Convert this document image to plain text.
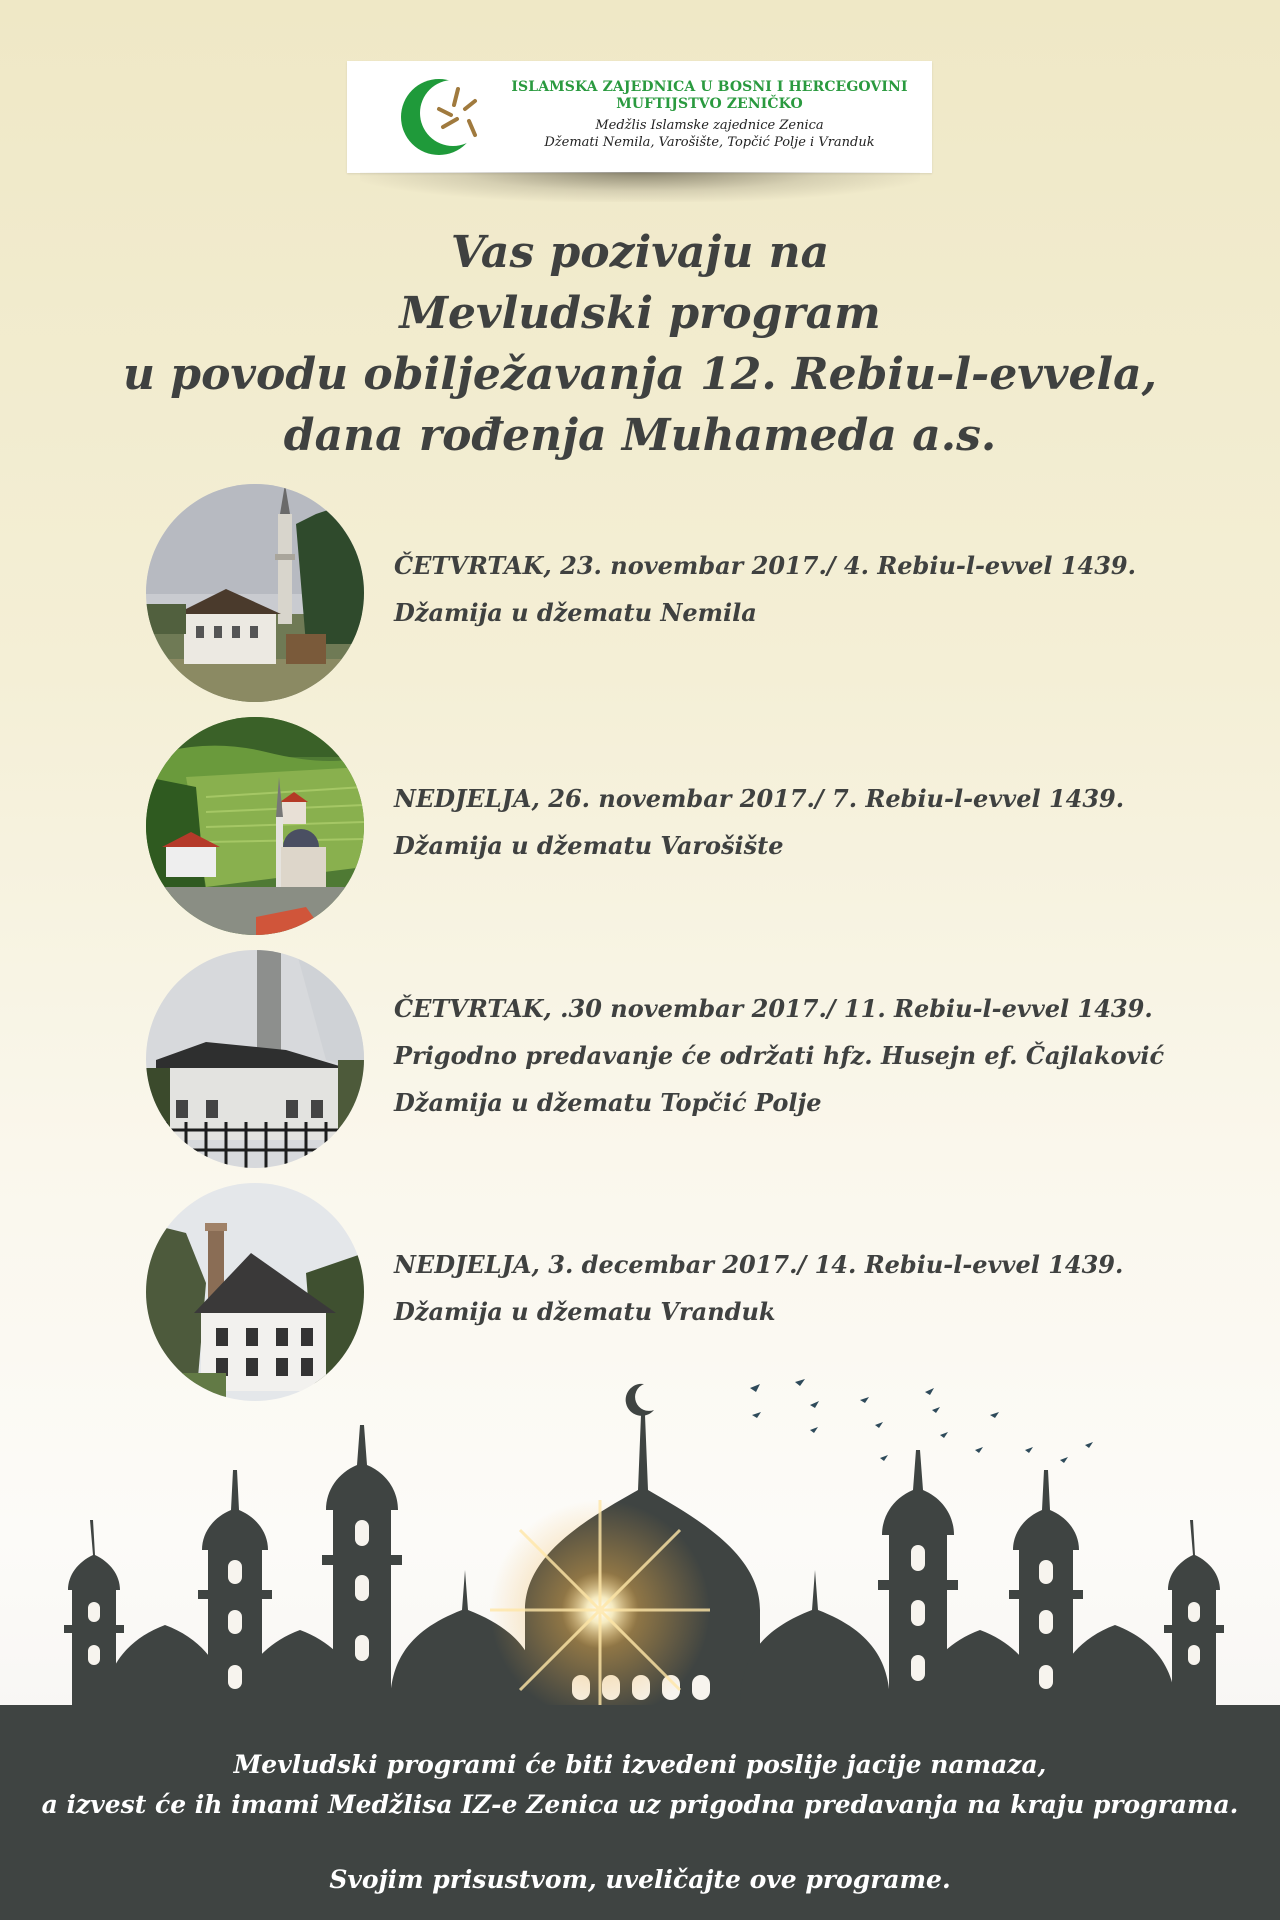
ISLAMSKA ZAJEDNICA U BOSNI I HERCEGOVINI
MUFTIJSTVO ZENIČKO
Medžlis Islamske zajednice Zenica
Džemati Nemila, Varošište, Topčić Polje i Vranduk
Vas pozivaju na
Mevludski program
u povodu obilježavanja 12. Rebiu-l-evvela,
dana rođenja Muhameda a.s.
ČETVRTAK, 23. novembar 2017./ 4. Rebiu-l-evvel 1439.
Džamija u džematu Nemila
NEDJELJA, 26. novembar 2017./ 7. Rebiu-l-evvel 1439.
Džamija u džematu Varošište
ČETVRTAK, .30 novembar 2017./ 11. Rebiu-l-evvel 1439.
Prigodno predavanje će održati hfz. Husejn ef. Čajlaković
Džamija u džematu Topčić Polje
NEDJELJA, 3. decembar 2017./ 14. Rebiu-l-evvel 1439.
Džamija u džematu Vranduk
Mevludski programi će biti izvedeni poslije jacije namaza,
a izvest će ih imami Medžlisa IZ-e Zenica uz prigodna predavanja na kraju programa.
Svojim prisustvom, uveličajte ove programe.
